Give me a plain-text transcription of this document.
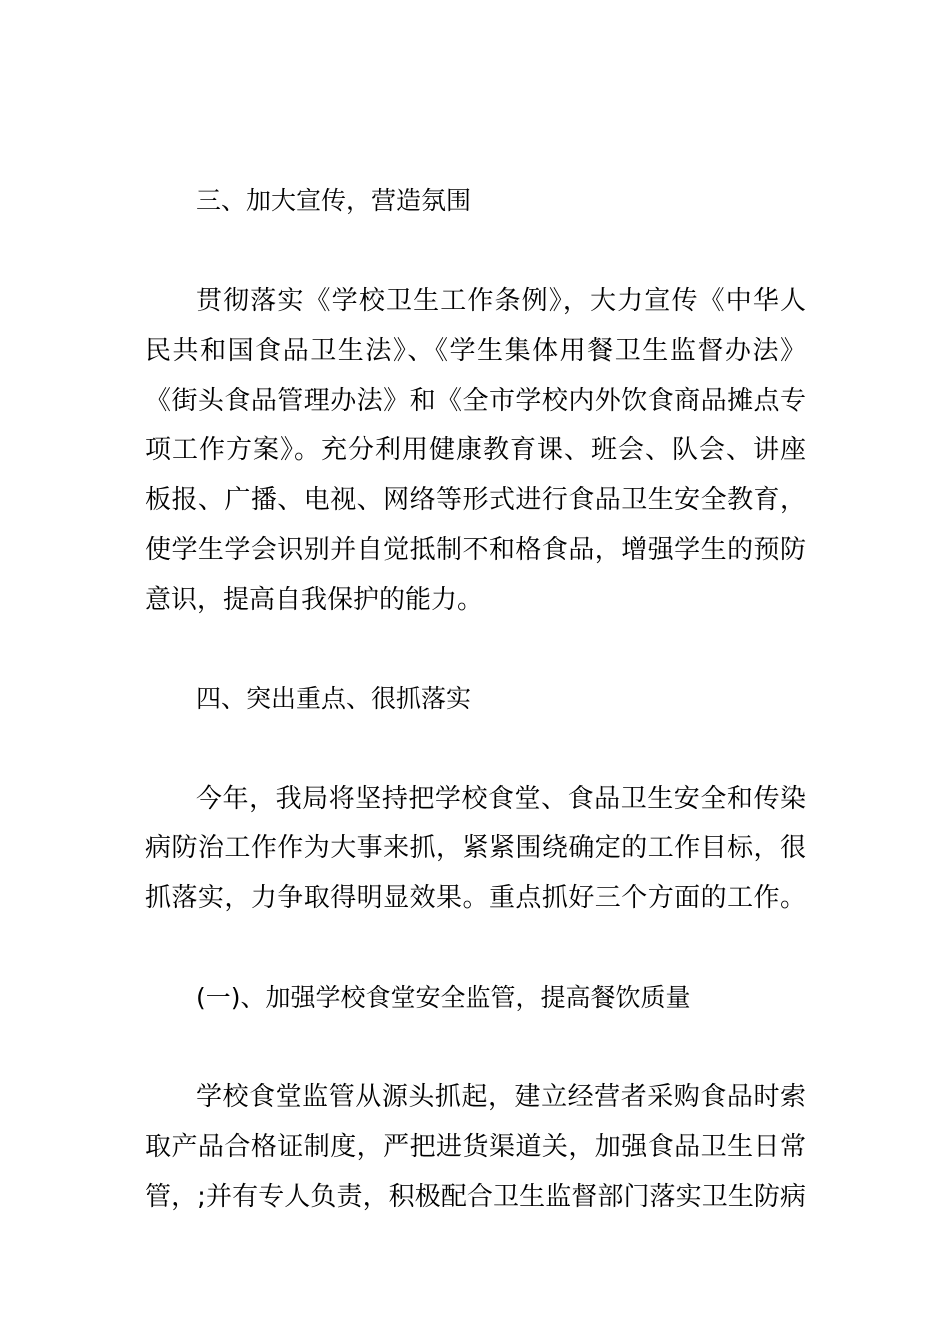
三、加大宣传，营造氛围
贯彻落实《学校卫生工作条例》，大力宣传《中华人
民共和国食品卫生法》、《学生集体用餐卫生监督办法》
《街头食品管理办法》和《全市学校内外饮食商品摊点专
项工作方案》。充分利用健康教育课、班会、队会、讲座
板报、广播、电视、网络等形式进行食品卫生安全教育，
使学生学会识别并自觉抵制不和格食品，增强学生的预防
意识，提高自我保护的能力。
四、突出重点、很抓落实
今年，我局将坚持把学校食堂、食品卫生安全和传染
病防治工作作为大事来抓，紧紧围绕确定的工作目标，很
抓落实，力争取得明显效果。重点抓好三个方面的工作。
(一)、加强学校食堂安全监管，提高餐饮质量
学校食堂监管从源头抓起，建立经营者采购食品时索
取产品合格证制度，严把进货渠道关，加强食品卫生日常
管，;并有专人负责，积极配合卫生监督部门落实卫生防病
